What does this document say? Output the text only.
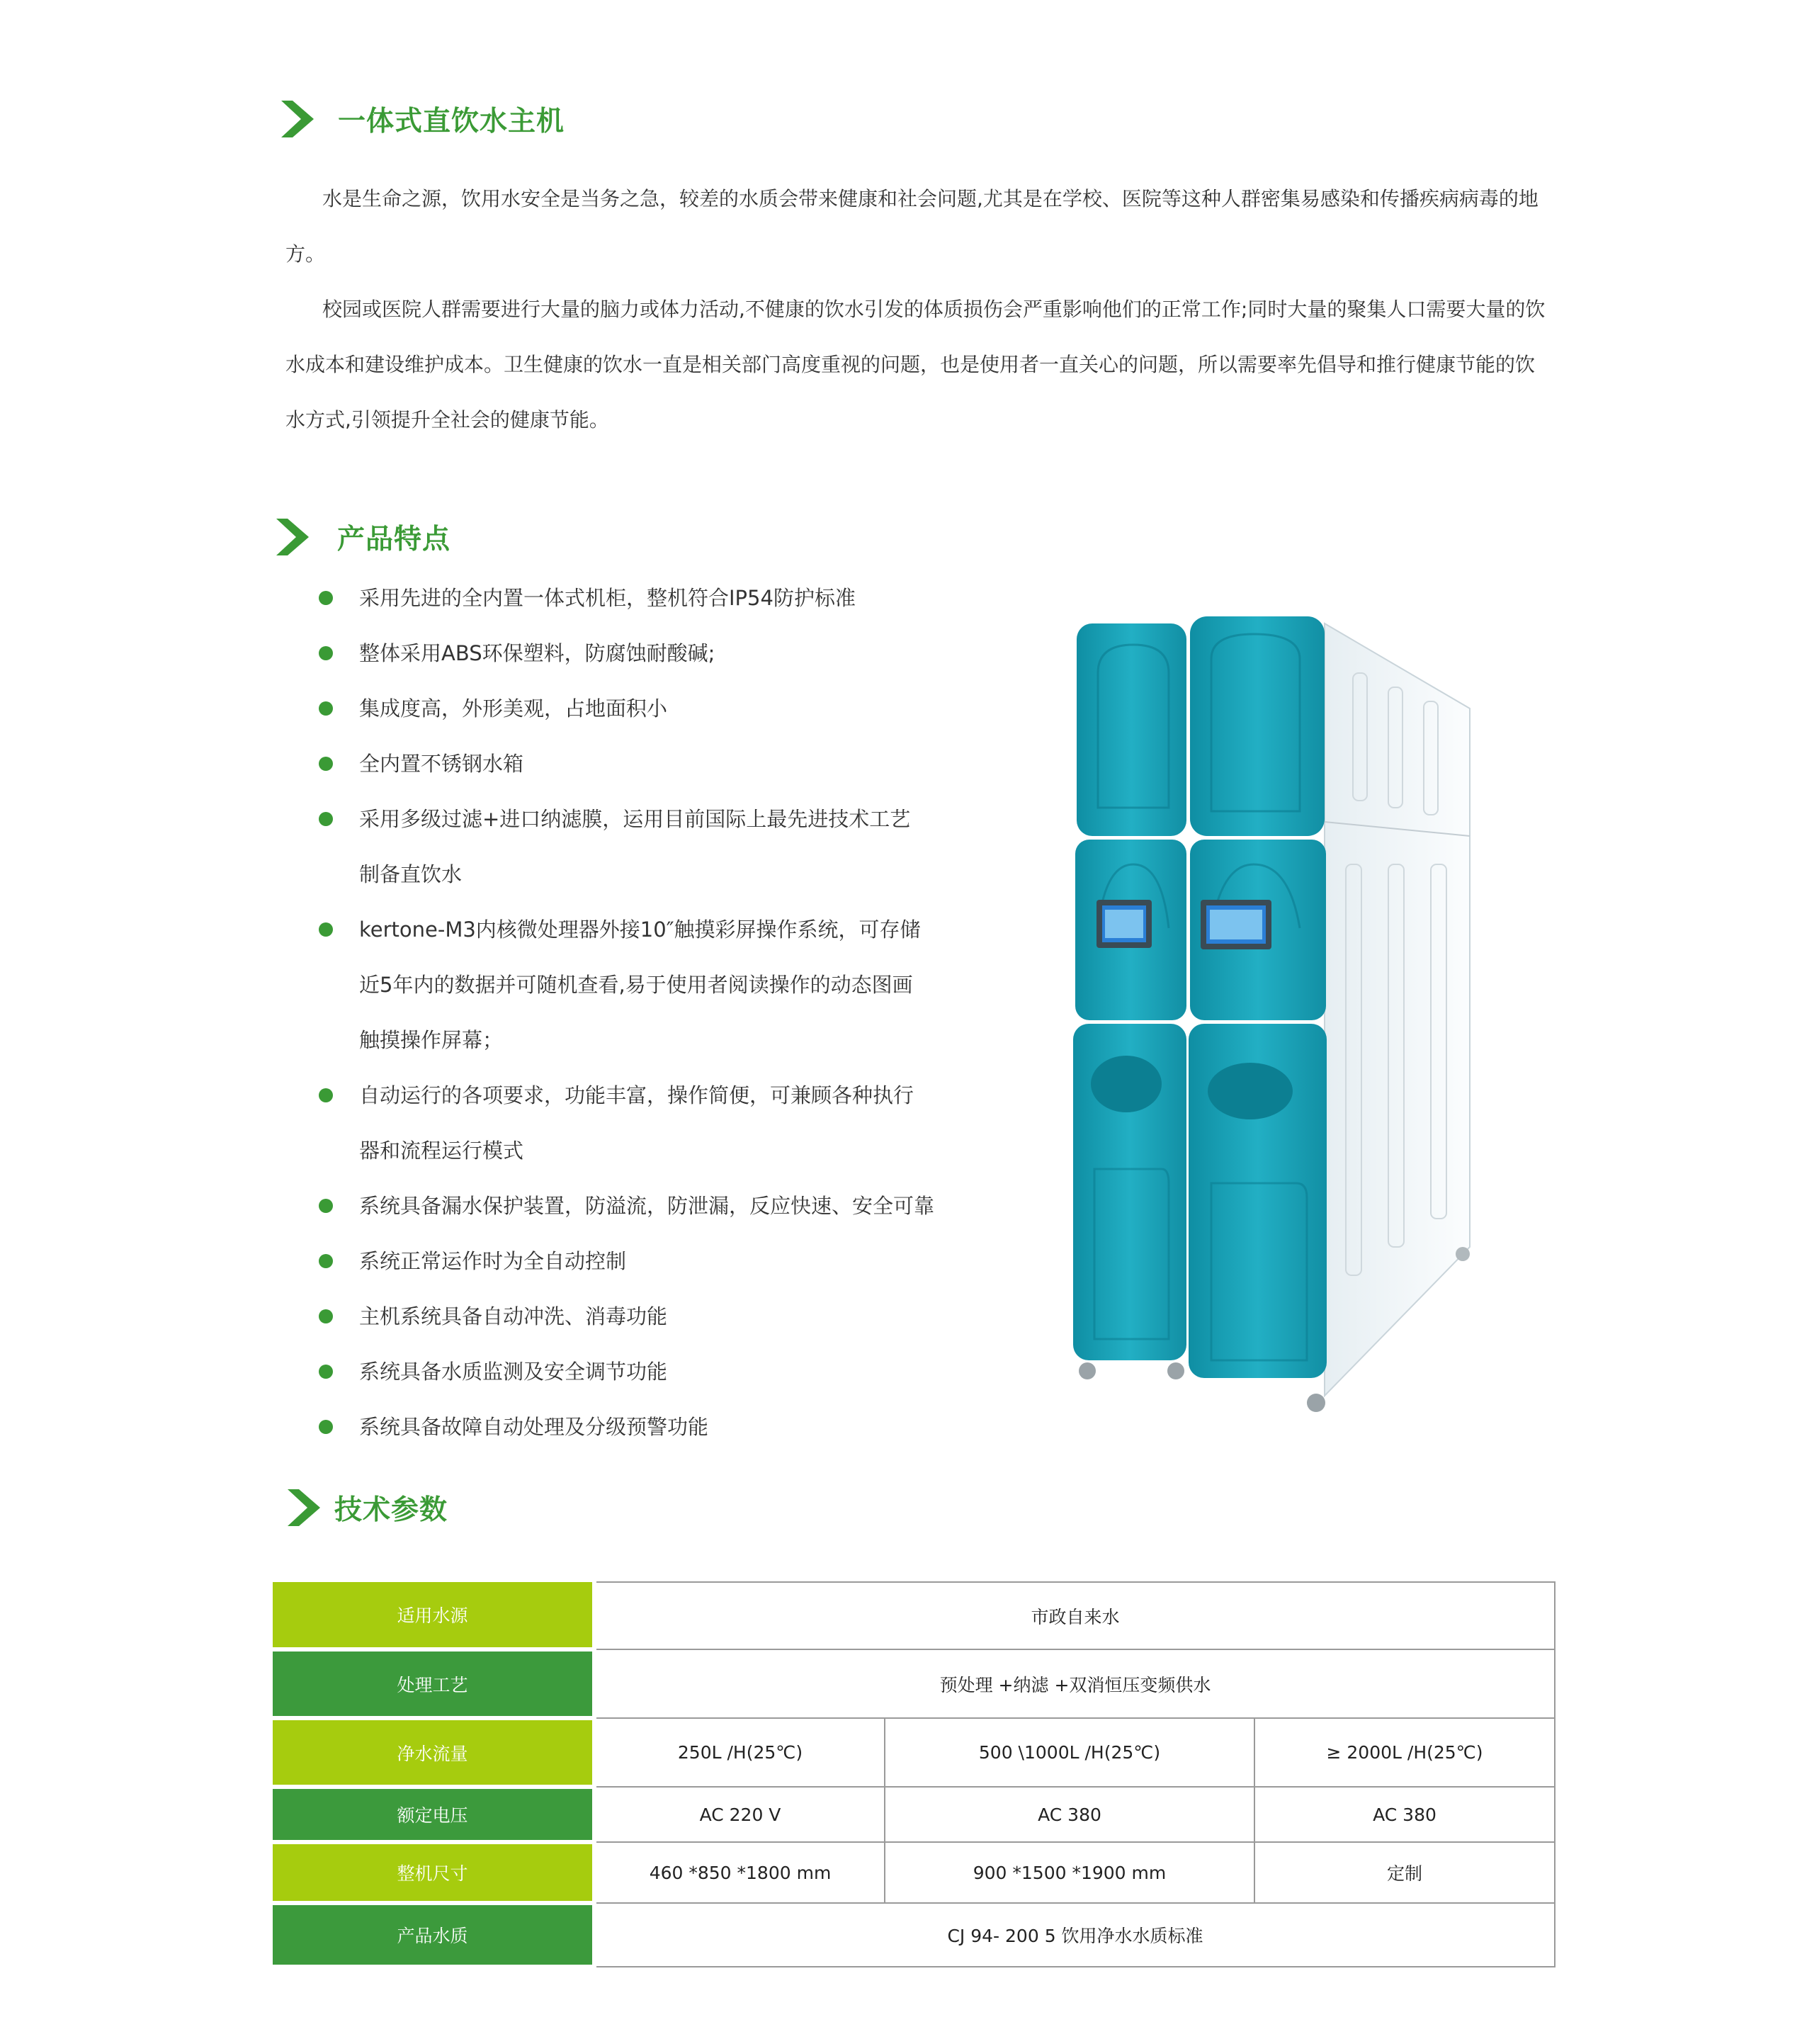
一体式直饮水主机

水是生命之源，饮用水安全是当务之急，较差的水质会带来健康和社会问题,尤其是在学校、医院等这种人群密集易感染和传播疾病病毒的地方。

校园或医院人群需要进行大量的脑力或体力活动,不健康的饮水引发的体质损伤会严重影响他们的正常工作;同时大量的聚集人口需要大量的饮水成本和建设维护成本。卫生健康的饮水一直是相关部门高度重视的问题，也是使用者一直关心的问题，所以需要率先倡导和推行健康节能的饮水方式,引领提升全社会的健康节能。

产品特点
采用先进的全内置一体式机柜，整机符合IP54防护标准
整体采用ABS环保塑料，防腐蚀耐酸碱;
集成度高，外形美观，占地面积小
全内置不锈钢水箱
采用多级过滤+进口纳滤膜，运用目前国际上最先进技术工艺制备直饮水
kertone-M3内核微处理器外接10″触摸彩屏操作系统，可存储近5年内的数据并可随机查看,易于使用者阅读操作的动态图画触摸操作屏幕；
自动运行的各项要求，功能丰富，操作简便，可兼顾各种执行器和流程运行模式
系统具备漏水保护装置，防溢流，防泄漏，反应快速、安全可靠
系统正常运作时为全自动控制
主机系统具备自动冲洗、消毒功能
系统具备水质监测及安全调节功能
系统具备故障自动处理及分级预警功能
技术参数
适用水源	市政自来水		
处理工艺	预处理 +纳滤 +双消恒压变频供水		
净水流量	250L /H(25℃)	500 \1000L /H(25℃)	≥ 2000L /H(25℃)
额定电压	AC 220 V	AC 380	AC 380
整机尺寸	460 *850 *1800 mm	900 *1500 *1900 mm	定制
产品水质	CJ 94- 200 5 饮用净水水质标准		
